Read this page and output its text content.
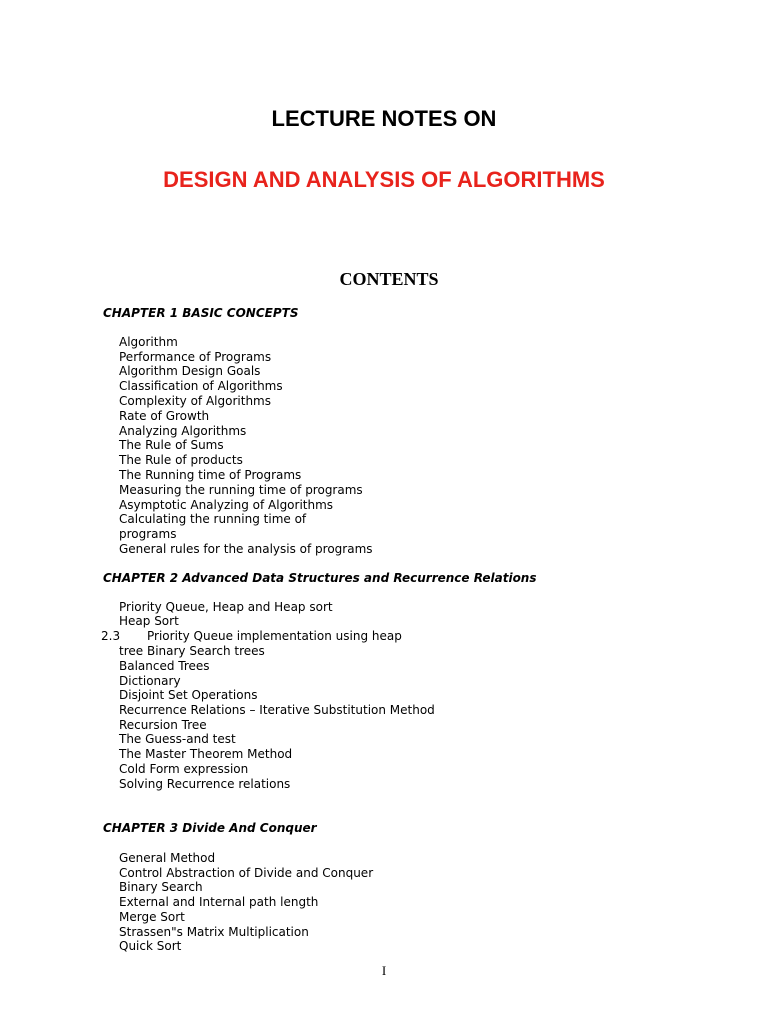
LECTURE NOTES ON
DESIGN AND ANALYSIS OF ALGORITHMS
CONTENTS
CHAPTER 1 BASIC CONCEPTS
Algorithm
Performance of Programs
Algorithm Design Goals
Classification of Algorithms
Complexity of Algorithms
Rate of Growth
Analyzing Algorithms
The Rule of Sums
The Rule of products
The Running time of Programs
Measuring the running time of programs
Asymptotic Analyzing of Algorithms
Calculating the running time of
programs
General rules for the analysis of programs
CHAPTER 2 Advanced Data Structures and Recurrence Relations
Priority Queue, Heap and Heap sort
Heap Sort
2.3 Priority Queue implementation using heap
tree Binary Search trees
Balanced Trees
Dictionary
Disjoint Set Operations
Recurrence Relations – Iterative Substitution Method
Recursion Tree
The Guess-and test
The Master Theorem Method
Cold Form expression
Solving Recurrence relations
CHAPTER 3 Divide And Conquer
General Method
Control Abstraction of Divide and Conquer
Binary Search
External and Internal path length
Merge Sort
Strassen"s Matrix Multiplication
Quick Sort
I
